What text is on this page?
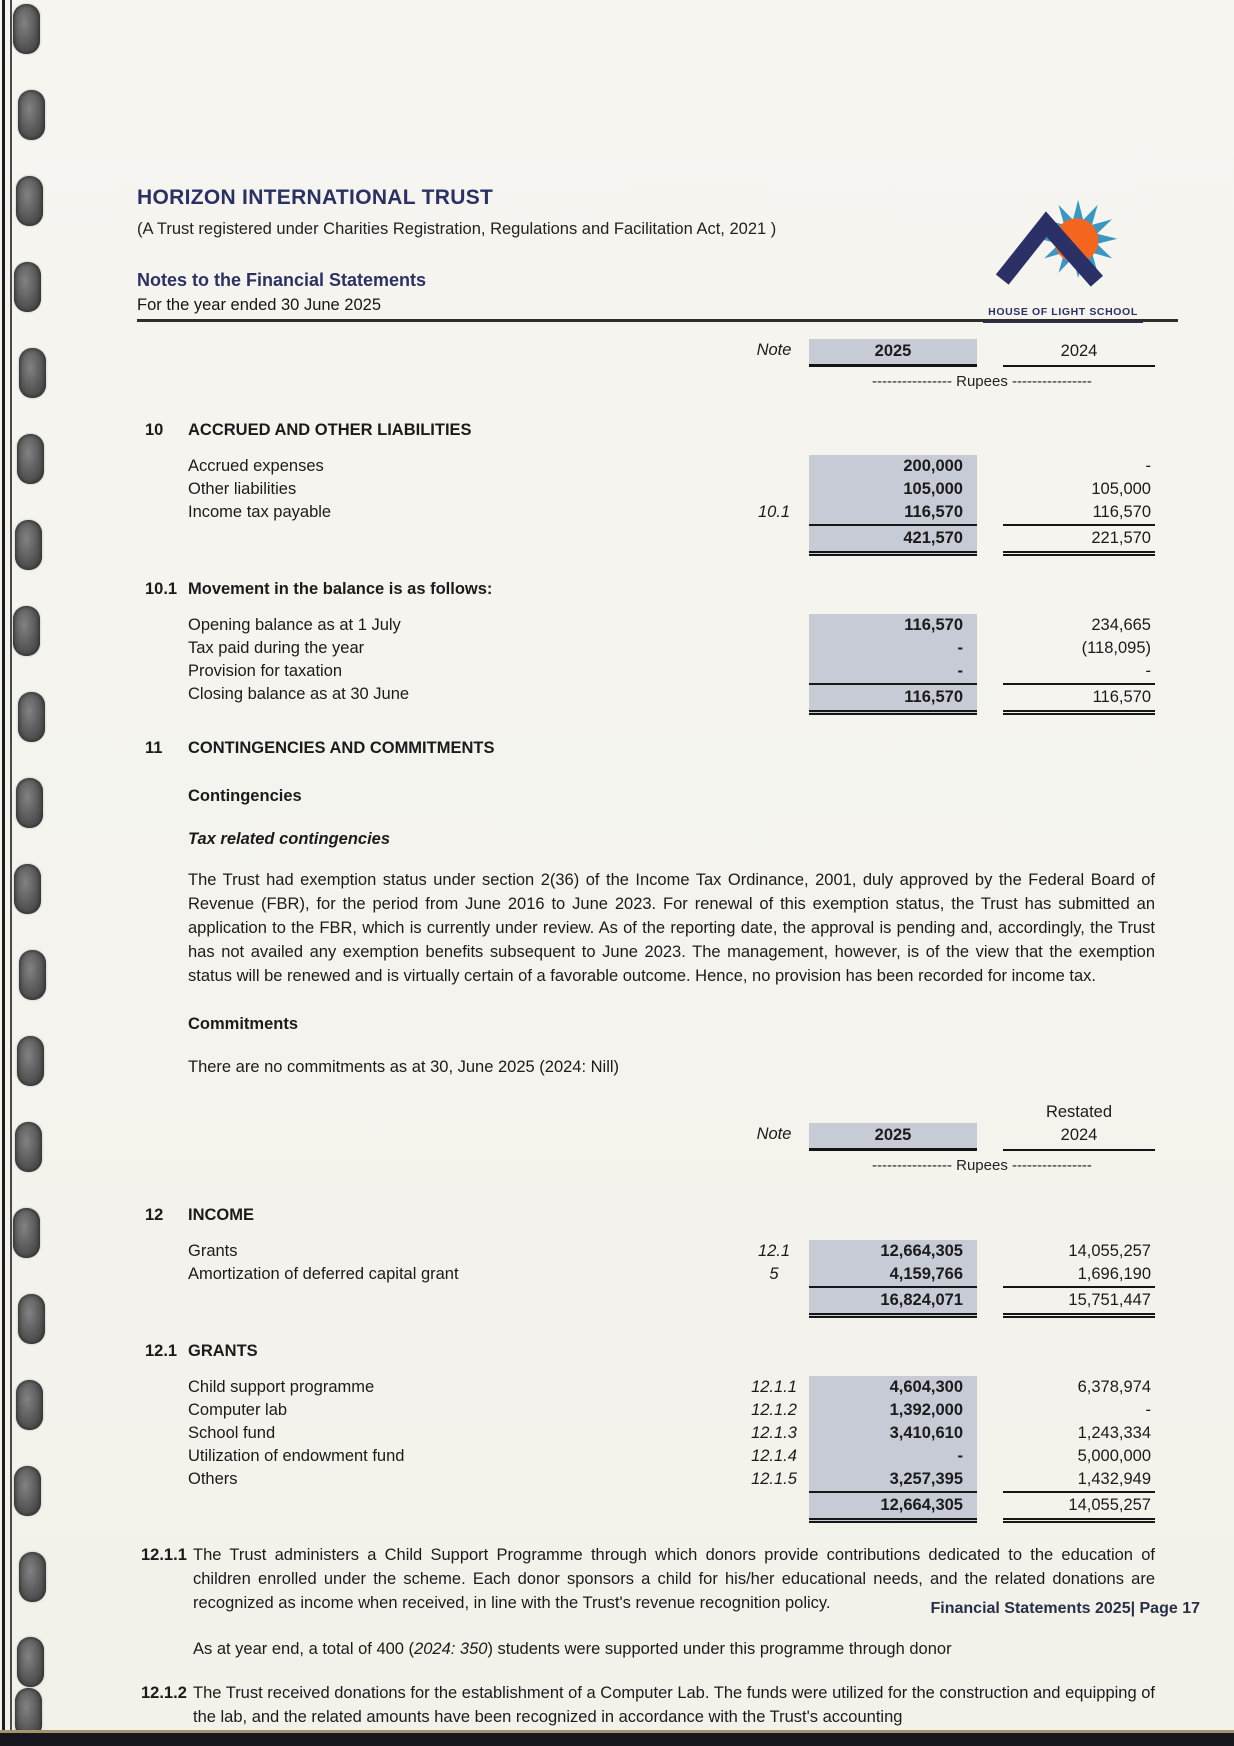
HOUSE OF LIGHT SCHOOL
HORIZON INTERNATIONAL TRUST
(A Trust registered under Charities Registration, Regulations and Facilitation Act, 2021 )
Notes to the Financial Statements
For the year ended 30 June 2025
Note	2025	2024
---------------- Rupees ----------------
10	ACCRUED AND OTHER LIABILITIES
Accrued expenses	200,000	-
Other liabilities	105,000	105,000
Income tax payable	10.1	116,570	116,570
421,570	221,570
10.1 Movement in the balance is as follows:
Opening balance as at 1 July	116,570	234,665
Tax paid during the year	-	(118,095)
Provision for taxation	-	-
Closing balance as at 30 June	116,570	116,570
11	CONTINGENCIES AND COMMITMENTS
Contingencies
Tax related contingencies
The Trust had exemption status under section 2(36) of the Income Tax Ordinance, 2001, duly approved by the Federal Board of Revenue (FBR), for the period from June 2016 to June 2023. For renewal of this exemption status, the Trust has submitted an application to the FBR, which is currently under review. As of the reporting date, the approval is pending and, accordingly, the Trust has not availed any exemption benefits subsequent to June 2023. The management, however, is of the view that the exemption status will be renewed and is virtually certain of a favorable outcome. Hence, no provision has been recorded for income tax.
Commitments
There are no commitments as at 30, June 2025 (2024: Nill)
Restated
Note	2025	2024
---------------- Rupees ----------------
12	INCOME
Grants	12.1	12,664,305	14,055,257
Amortization of deferred capital grant	5	4,159,766	1,696,190
16,824,071	15,751,447
12.1 GRANTS
Child support programme	12.1.1	4,604,300	6,378,974
Computer lab	12.1.2	1,392,000	-
School fund	12.1.3	3,410,610	1,243,334
Utilization of endowment fund	12.1.4	-	5,000,000
Others	12.1.5	3,257,395	1,432,949
12,664,305	14,055,257
12.1.1 The Trust administers a Child Support Programme through which donors provide contributions dedicated to the education of children enrolled under the scheme. Each donor sponsors a child for his/her educational needs, and the related donations are recognized as income when received, in line with the Trust's revenue recognition policy.
As at year end, a total of 400 (2024: 350) students were supported under this programme through donor
12.1.2 The Trust received donations for the establishment of a Computer Lab. The funds were utilized for the construction and equipping of the lab, and the related amounts have been recognized in accordance with the Trust's accounting
Financial Statements 2025| Page 17
